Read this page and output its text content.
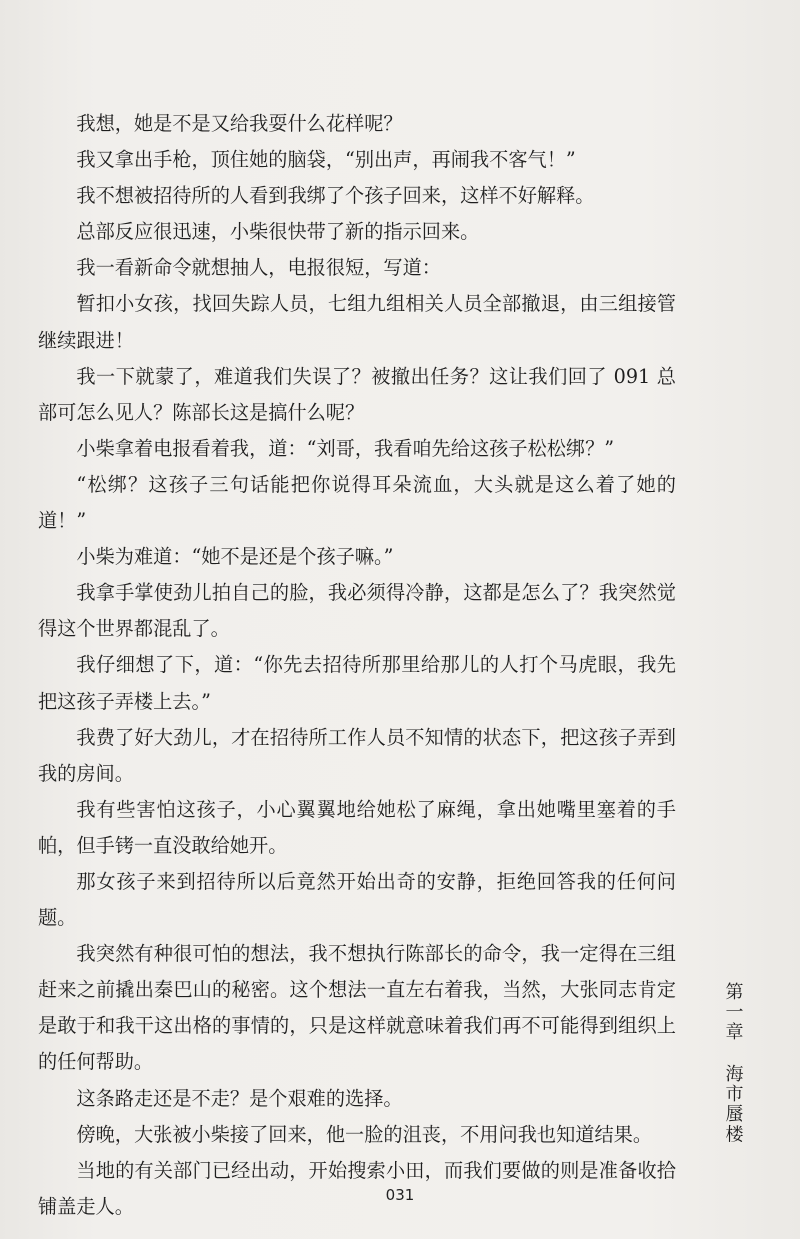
我想，她是不是又给我耍什么花样呢？

我又拿出手枪，顶住她的脑袋，“别出声，再闹我不客气！”

我不想被招待所的人看到我绑了个孩子回来，这样不好解释。

总部反应很迅速，小柴很快带了新的指示回来。

我一看新命令就想抽人，电报很短，写道：

暂扣小女孩，找回失踪人员，七组九组相关人员全部撤退，由三组接管继续跟进！

我一下就蒙了，难道我们失误了？被撤出任务？这让我们回了 091 总部可怎么见人？陈部长这是搞什么呢？

小柴拿着电报看着我，道：“刘哥，我看咱先给这孩子松松绑？”

“松绑？这孩子三句话能把你说得耳朵流血，大头就是这么着了她的道！”

小柴为难道：“她不是还是个孩子嘛。”

我拿手掌使劲儿拍自己的脸，我必须得冷静，这都是怎么了？我突然觉得这个世界都混乱了。

我仔细想了下，道：“你先去招待所那里给那儿的人打个马虎眼，我先把这孩子弄楼上去。”

我费了好大劲儿，才在招待所工作人员不知情的状态下，把这孩子弄到我的房间。

我有些害怕这孩子，小心翼翼地给她松了麻绳，拿出她嘴里塞着的手帕，但手铐一直没敢给她开。

那女孩子来到招待所以后竟然开始出奇的安静，拒绝回答我的任何问题。

我突然有种很可怕的想法，我不想执行陈部长的命令，我一定得在三组赶来之前撬出秦巴山的秘密。这个想法一直左右着我，当然，大张同志肯定是敢于和我干这出格的事情的，只是这样就意味着我们再不可能得到组织上的任何帮助。

这条路走还是不走？是个艰难的选择。

傍晚，大张被小柴接了回来，他一脸的沮丧，不用问我也知道结果。

当地的有关部门已经出动，开始搜索小田，而我们要做的则是准备收拾铺盖走人。

第一章
海市蜃楼
031
